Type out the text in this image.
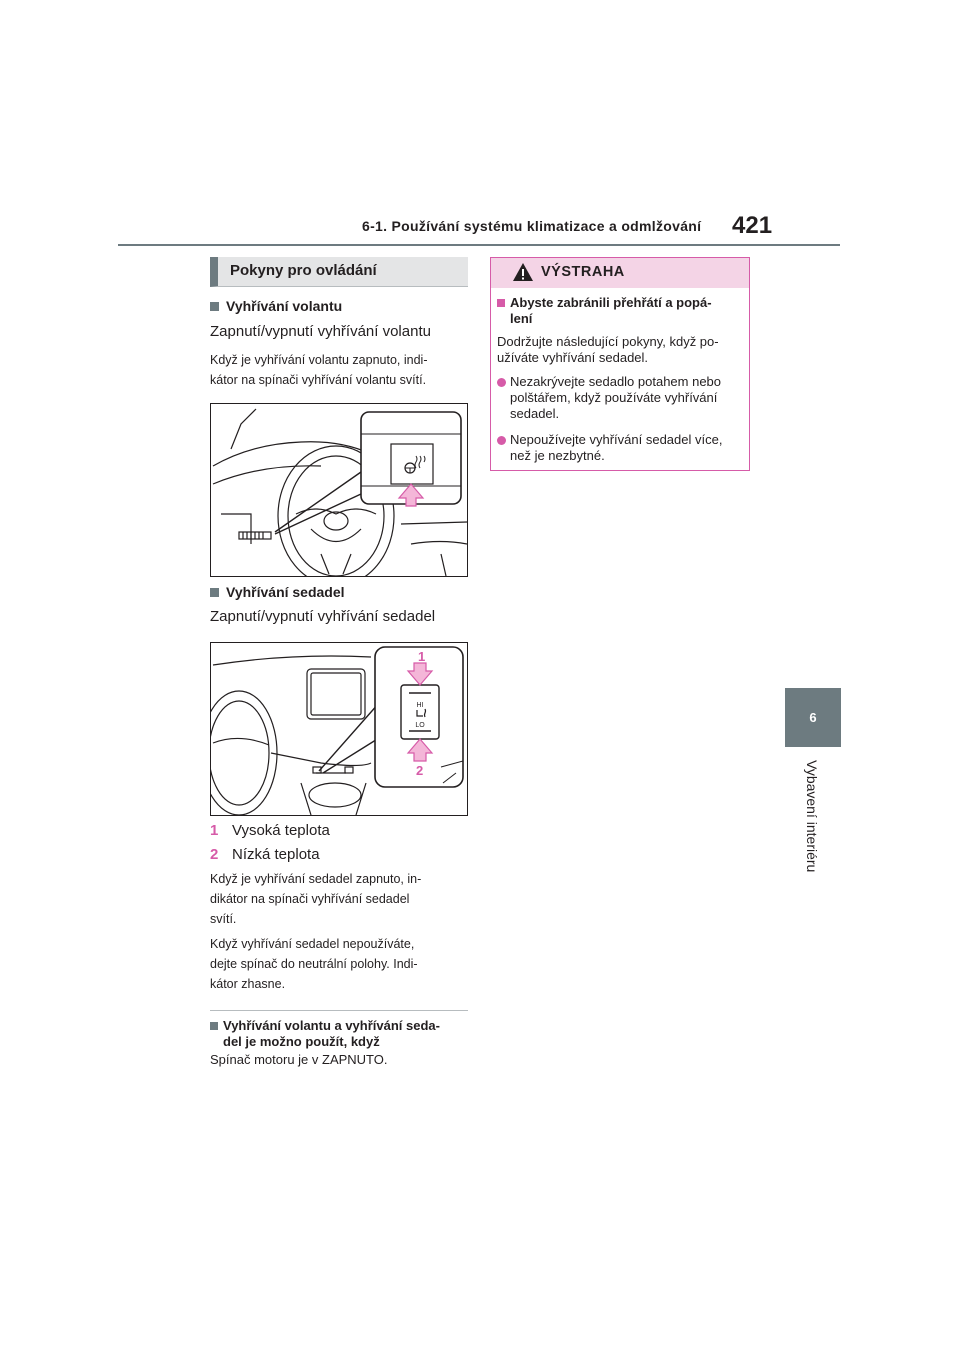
6-1. Používání systému klimatizace a odmlžování 421
6
Vybavení interiéru
Pokyny pro ovládání
Vyhřívání volantu
Zapnutí/vypnutí vyhřívání volantu
Když je vyhřívání volantu zapnuto, indi-
kátor na spínači vyhřívání volantu svítí.
Vyhřívání sedadel
Zapnutí/vypnutí vyhřívání sedadel
HI
LO
1
2
1 Vysoká teplota
2 Nízká teplota
Když je vyhřívání sedadel zapnuto, in-
dikátor na spínači vyhřívání sedadel
svítí.
Když vyhřívání sedadel nepoužíváte,
dejte spínač do neutrální polohy. Indi-
kátor zhasne.
Vyhřívání volantu a vyhřívání seda-
del je možno použít, když
Spínač motoru je v ZAPNUTO.
VÝSTRAHA
Abyste zabránili přehřátí a popá-
lení
Dodržujte následující pokyny, když po-
užíváte vyhřívání sedadel.
Nezakrývejte sedadlo potahem nebo
polštářem, když používáte vyhřívání
sedadel.
Nepoužívejte vyhřívání sedadel více,
než je nezbytné.
